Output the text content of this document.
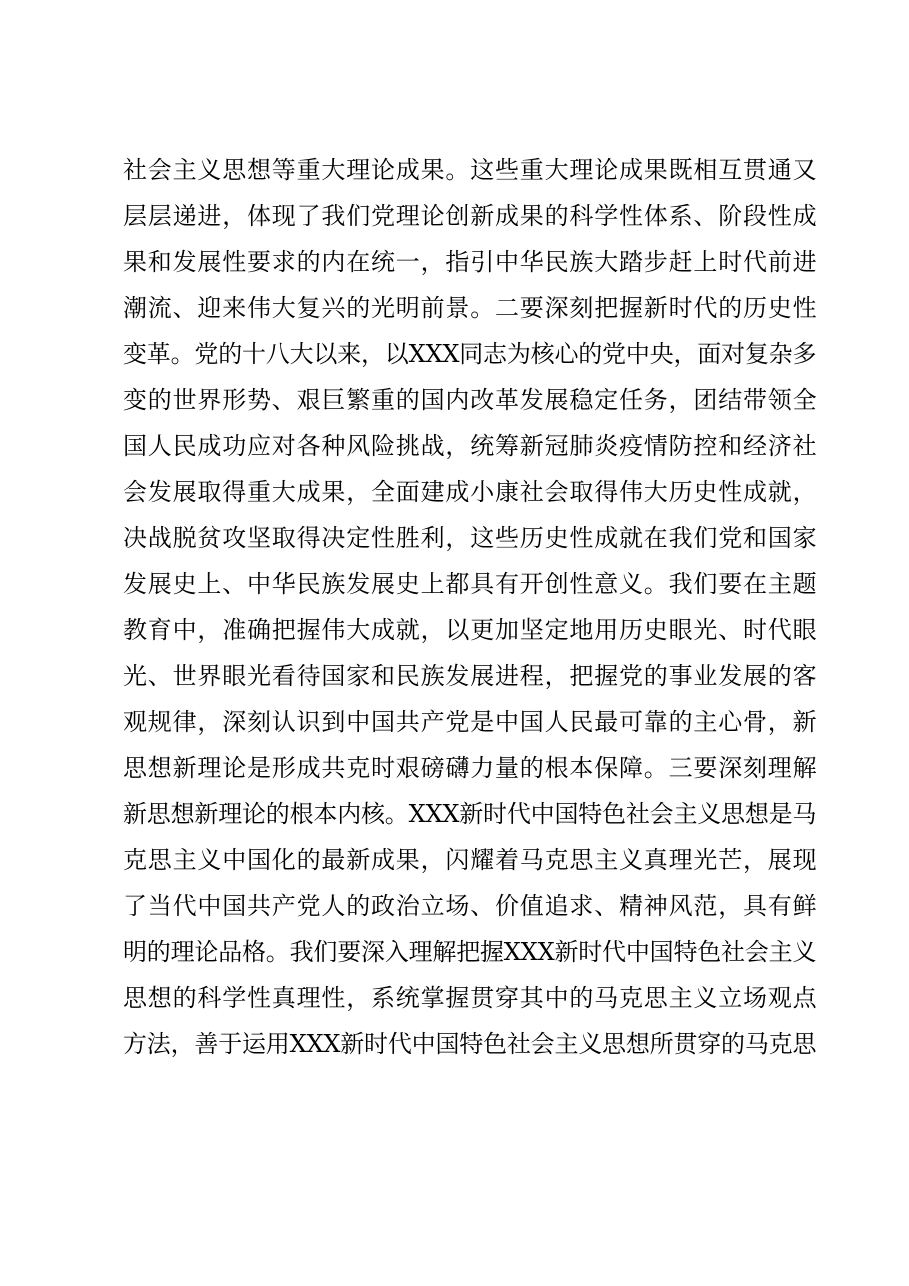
社会主义思想等重大理论成果。这些重大理论成果既相互贯通又
层层递进，体现了我们党理论创新成果的科学性体系、阶段性成
果和发展性要求的内在统一，指引中华民族大踏步赶上时代前进
潮流、迎来伟大复兴的光明前景。二要深刻把握新时代的历史性
变革。党的十八大以来，以XXX同志为核心的党中央，面对复杂多
变的世界形势、艰巨繁重的国内改革发展稳定任务，团结带领全
国人民成功应对各种风险挑战，统筹新冠肺炎疫情防控和经济社
会发展取得重大成果，全面建成小康社会取得伟大历史性成就，
决战脱贫攻坚取得决定性胜利，这些历史性成就在我们党和国家
发展史上、中华民族发展史上都具有开创性意义。我们要在主题
教育中，准确把握伟大成就，以更加坚定地用历史眼光、时代眼
光、世界眼光看待国家和民族发展进程，把握党的事业发展的客
观规律，深刻认识到中国共产党是中国人民最可靠的主心骨，新
思想新理论是形成共克时艰磅礴力量的根本保障。三要深刻理解
新思想新理论的根本内核。XXX新时代中国特色社会主义思想是马
克思主义中国化的最新成果，闪耀着马克思主义真理光芒，展现
了当代中国共产党人的政治立场、价值追求、精神风范，具有鲜
明的理论品格。我们要深入理解把握XXX新时代中国特色社会主义
思想的科学性真理性，系统掌握贯穿其中的马克思主义立场观点
方法，善于运用XXX新时代中国特色社会主义思想所贯穿的马克思
